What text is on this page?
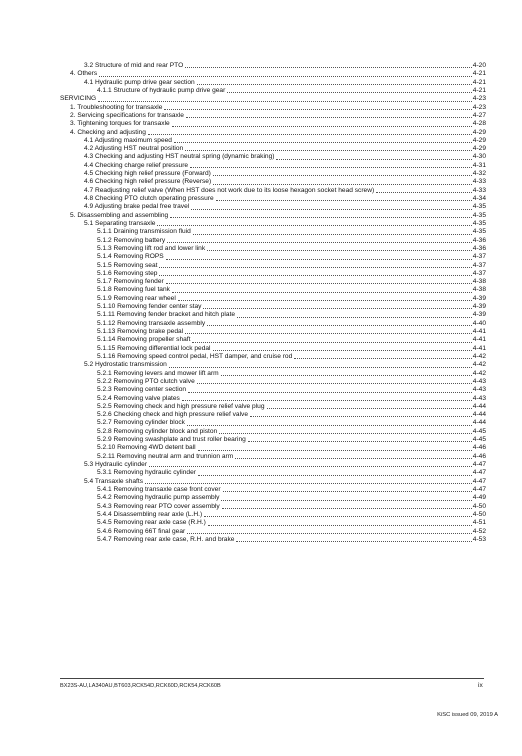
3.2 Structure of mid and rear PTO	4-20
4. Others	4-21
4.1 Hydraulic pump drive gear section	4-21
4.1.1 Structure of hydraulic pump drive gear	4-21
SERVICING	4-23
1. Troubleshooting for transaxle	4-23
2. Servicing specifications for transaxle	4-27
3. Tightening torques for transaxle	4-28
4. Checking and adjusting	4-29
4.1 Adjusting maximum speed	4-29
4.2 Adjusting HST neutral position	4-29
4.3 Checking and adjusting HST neutral spring (dynamic braking)	4-30
4.4 Checking charge relief pressure	4-31
4.5 Checking high relief pressure (Forward)	4-32
4.6 Checking high relief pressure (Reverse)	4-33
4.7 Readjusting relief valve (When HST does not work due to its loose hexagon socket head screw)	4-33
4.8 Checking PTO clutch operating pressure	4-34
4.9 Adjusting brake pedal free travel	4-35
5. Disassembling and assembling	4-35
5.1 Separating transaxle	4-35
5.1.1 Draining transmission fluid	4-35
5.1.2 Removing battery	4-36
5.1.3 Removing lift rod and lower link	4-36
5.1.4 Removing ROPS	4-37
5.1.5 Removing seat	4-37
5.1.6 Removing step	4-37
5.1.7 Removing fender	4-38
5.1.8 Removing fuel tank	4-38
5.1.9 Removing rear wheel	4-39
5.1.10 Removing fender center stay	4-39
5.1.11 Removing fender bracket and hitch plate	4-39
5.1.12 Removing transaxle assembly	4-40
5.1.13 Removing brake pedal	4-41
5.1.14 Removing propeller shaft	4-41
5.1.15 Removing differential lock pedal	4-41
5.1.16 Removing speed control pedal, HST damper, and cruise rod	4-42
5.2 Hydrostatic transmission	4-42
5.2.1 Removing levers and mower lift arm	4-42
5.2.2 Removing PTO clutch valve	4-43
5.2.3 Removing center section	4-43
5.2.4 Removing valve plates	4-43
5.2.5 Removing check and high pressure relief valve plug	4-44
5.2.6 Checking check and high pressure relief valve	4-44
5.2.7 Removing cylinder block	4-44
5.2.8 Removing cylinder block and piston	4-45
5.2.9 Removing swashplate and trust roller bearing	4-45
5.2.10 Removing 4WD detent ball	4-46
5.2.11 Removing neutral arm and trunnion arm	4-46
5.3 Hydraulic cylinder	4-47
5.3.1 Removing hydraulic cylinder	4-47
5.4 Transaxle shafts	4-47
5.4.1 Removing transaxle case front cover	4-47
5.4.2 Removing hydraulic pump assembly	4-49
5.4.3 Removing rear PTO cover assembly	4-50
5.4.4 Disassembling rear axle (L.H.)	4-50
5.4.5 Removing rear axle case (R.H.)	4-51
5.4.6 Removing 66T final gear	4-52
5.4.7 Removing rear axle case, R.H. and brake	4-53
BX23S-AU,LA340AU,BT603,RCK54D,RCK60D,RCK54,RCK60B	ix
KiSC issued 09, 2019 A
